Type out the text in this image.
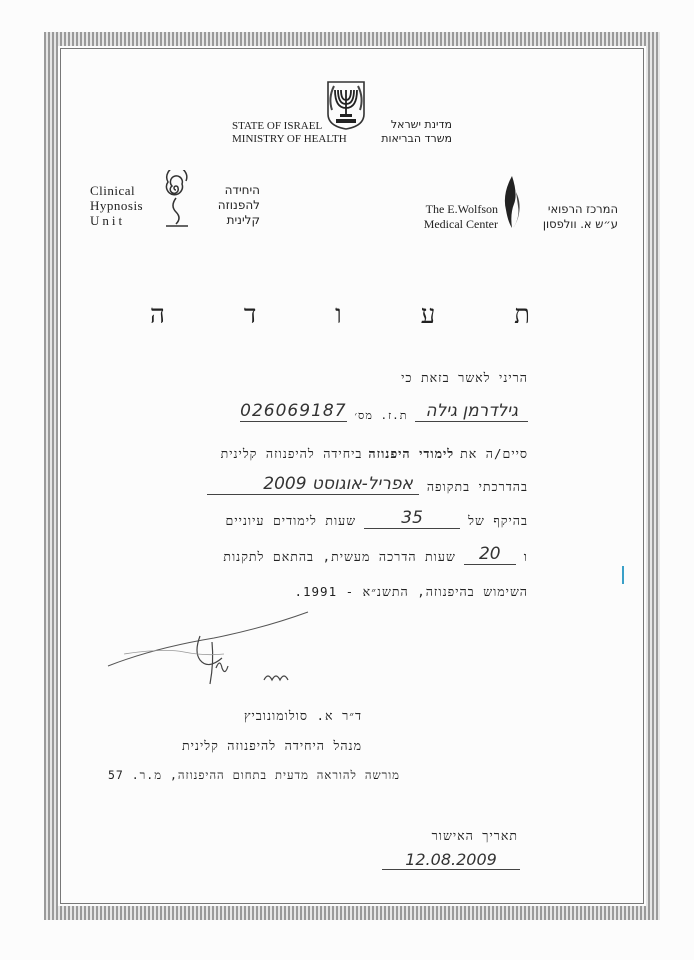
STATE OF ISRAEL
MINISTRY OF HEALTH
מדינת ישראל
משרד הבריאות
Clinical
Hypnosis
Unit
היחידה
להפנוזה
קלינית
The E.Wolfson
Medical Center
המרכז הרפואי
ע״ש א. וולפסון
ת
ע
ו
ד
ה
הריני לאשר בזאת כי
גילדרמן גילה
ת.ז. מס׳
026069187
סיים/ה את
לימודי היפנוזה
ביחידה להיפנוזה קלינית
בהדרכתי בתקופה
אפריל-אוגוסט 2009
בהיקף של
35
שעות לימודים עיוניים
ו
20
שעות הדרכה מעשית, בהתאם לתקנות
השימוש בהיפנוזה, התשנ״א - 1991.
ד״ר א. סולומונוביץ
מנהל היחידה להיפנוזה קלינית
מורשה להוראה מדעית בתחום ההיפנוזה, מ.ר. 57
תאריך האישור
12.08.2009
